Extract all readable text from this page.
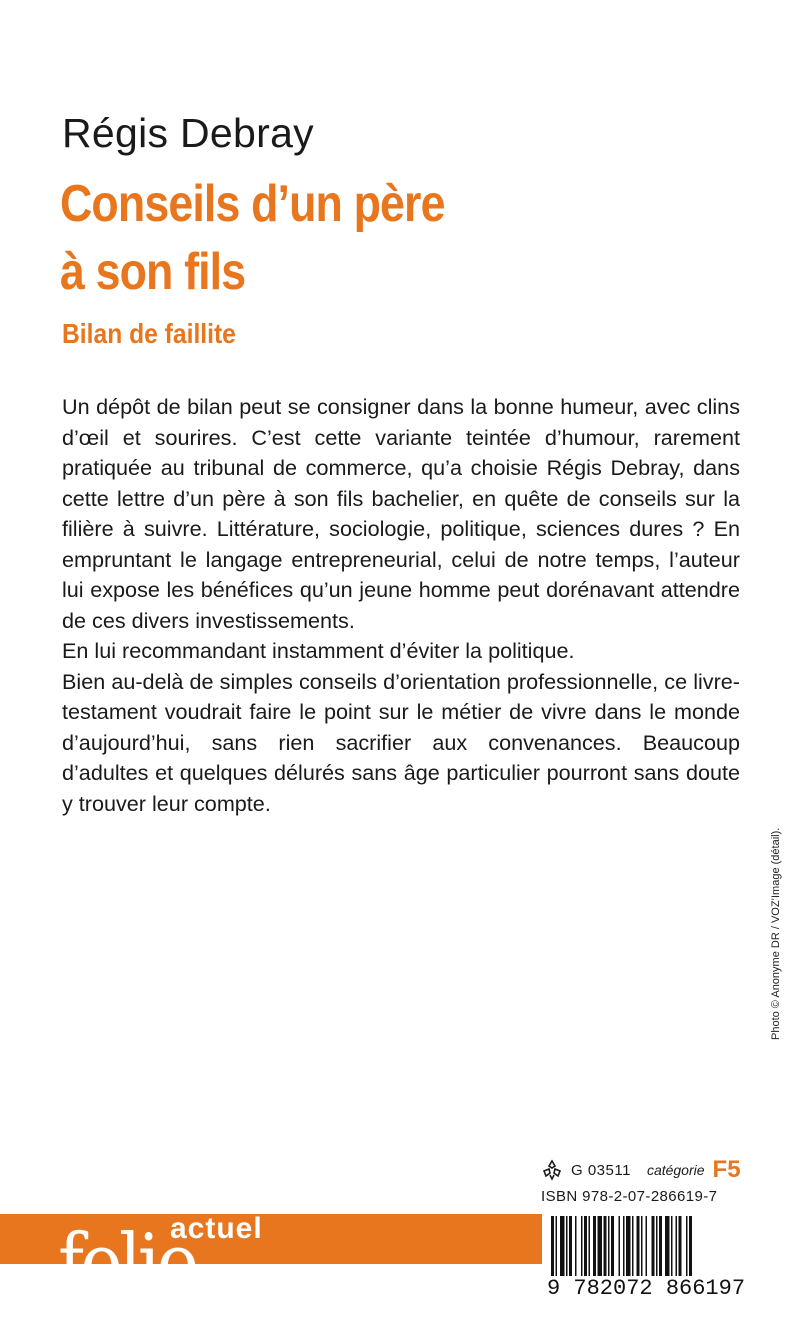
Régis Debray
Conseils d’un père
à son fils
Bilan de faillite

Un dépôt de bilan peut se consigner dans la bonne humeur, avec clins d’œil et sourires. C’est cette variante teintée d’humour, rarement pratiquée au tribunal de commerce, qu’a choisie Régis Debray, dans cette lettre d’un père à son fils bachelier, en quête de conseils sur la filière à suivre. Littérature, sociologie, politique, sciences dures ? En empruntant le langage entrepreneurial, celui de notre temps, l’auteur lui expose les bénéfices qu’un jeune homme peut dorénavant attendre de ces divers investissements.

En lui recommandant instamment d’éviter la politique.

Bien au-delà de simples conseils d’orientation professionnelle, ce livre-testament voudrait faire le point sur le métier de vivre dans le monde d’aujourd’hui, sans rien sacrifier aux convenances. Beaucoup d’adultes et quelques délurés sans âge particulier pourront sans doute y trouver leur compte.

Photo © Anonyme DR / VOZ’Image (détail).
G 03511 catégorie F5
ISBN 978-2-07-286619-7
folio
actuel
9 782072 866197
